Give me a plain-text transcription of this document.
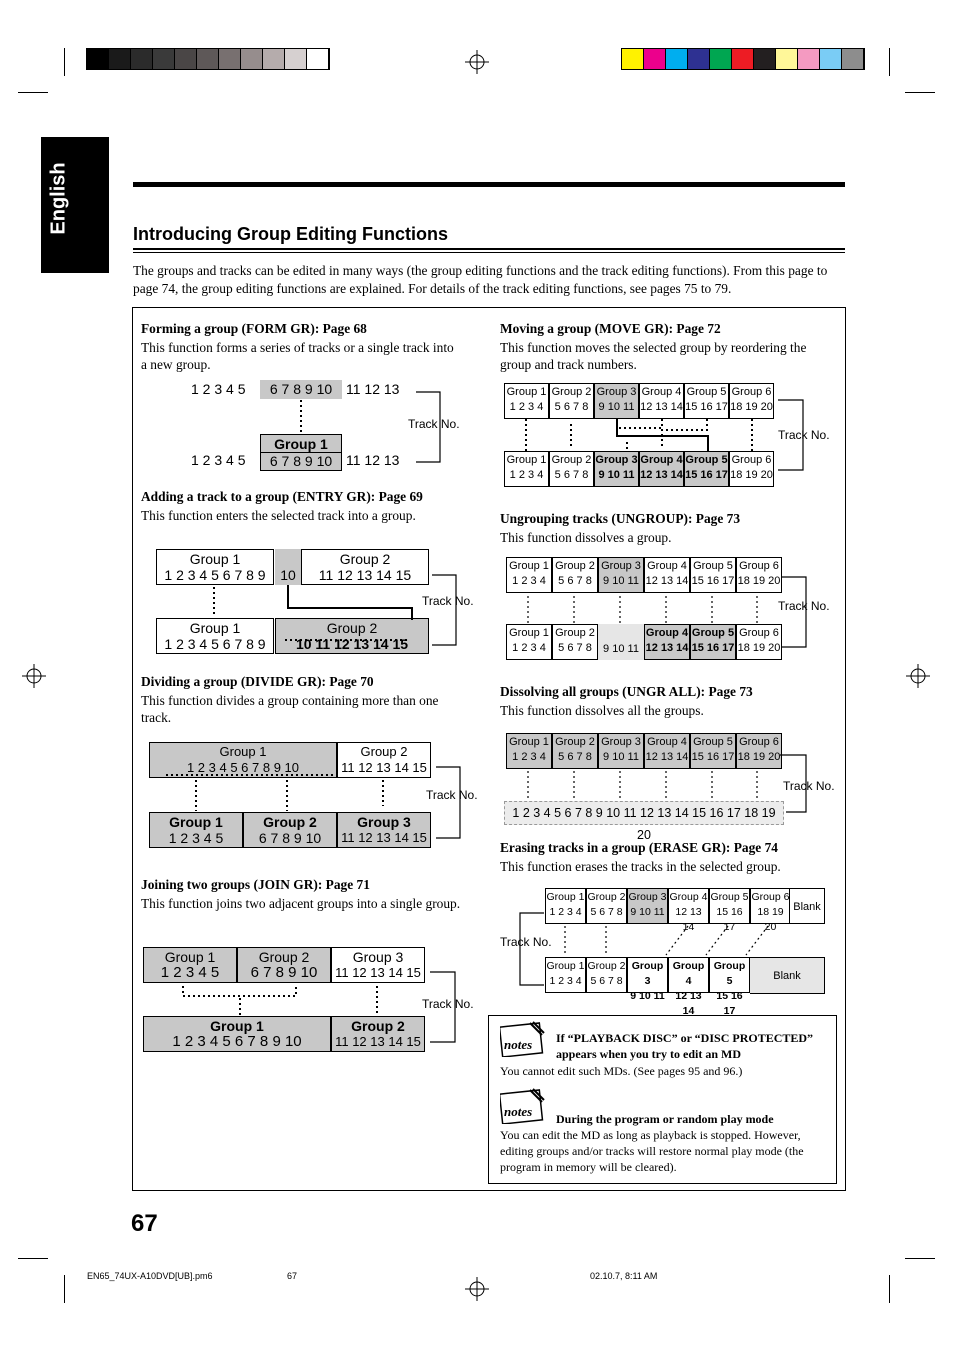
English	Introducing Group Editing Functions
The groups and tracks can be edited in many ways (the group editing functions and the track editing functions). From this page to page 74, the group editing functions are explained. For details of the track editing functions, see pages 75 to 79.
Forming a group (FORM GR): Page 68
This function forms a series of tracks or a single track into a new group.
1 2 3 4 5	6 7 8 9 10 11 12 13
Track No.
Group 1
1 2 3 4 5	6 7 8 9 10 11 12 13
Adding a track to a group (ENTRY GR): Page 69
This function enters the selected track into a group.
Group 1
1 2 3 4 5 6 7 8 9	10
Group 2
11 12 13 14 15
Track No.
Group 1
1 2 3 4 5 6 7 8 9
Group 2
10 11 12 13 14 15
Dividing a group (DIVIDE GR): Page 70
This function divides a group containing more than one track.
Group 1
1 2 3 4 5 6 7 8 9 10
Group 2
11 12 13 14 15
Track No.
Group 1
1 2 3 4 5
Group 2
6 7 8 9 10
Group 3
11 12 13 14 15
Joining two groups (JOIN GR): Page 71
This function joins two adjacent groups into a single group.
Group 1
1 2 3 4 5
Group 2
6 7 8 9 10
Group 3
11 12 13 14 15
Track No.
Group 1
1 2 3 4 5 6 7 8 9 10
Group 2
11 12 13 14 15
Moving a group (MOVE GR): Page 72
This function moves the selected group by reordering the group and track numbers.
Group 1
1 2 3 4
Group 2
5 6 7 8
Group 3
9 10 11
Group 4
12 13 14
Group 5
15 16 17
Group 6
18 19 20
Track No.
Group 1
1 2 3 4
Group 2
5 6 7 8
Group 3
9 10 11
Group 4
12 13 14
Group 5
15 16 17
Group 6
18 19 20
Ungrouping tracks (UNGROUP): Page 73
This function dissolves a group.
Group 1
1 2 3 4
Group 2
5 6 7 8
Group 3
9 10 11
Group 4
12 13 14
Group 5
15 16 17
Group 6
18 19 20
Track No.
Group 1
1 2 3 4
Group 2
5 6 7 8	9 10 11
Group 4
12 13 14
Group 5
15 16 17
Group 6
18 19 20
Dissolving all groups (UNGR ALL): Page 73
This function dissolves all the groups.
Group 1
1 2 3 4
Group 2
5 6 7 8
Group 3
9 10 11
Group 4
12 13 14
Group 5
15 16 17
Group 6
18 19 20
Track No.
1 2 3 4 5 6 7 8 9 10 11 12 13 14 15 16 17 18 19 20
Erasing tracks in a group (ERASE GR): Page 74
This function erases the tracks in the selected group.
Group 1
1 2 3 4
Group 2
5 6 7 8
Group 3
9 10 11
Group 4
12 13 14
Group 5
15 16 17
Group 6
18 19 20
Blank
Track No.
Group 1
1 2 3 4
Group 2
5 6 7 8
Group 3
9 10 11
Group 4
12 13 14
Group 5
15 16 17
Blank
notes If “PLAYBACK DISC” or “DISC PROTECTED” appears when you try to edit an MD
You cannot edit such MDs. (See pages 95 and 96.)
notes During the program or random play mode
You can edit the MD as long as playback is stopped. However, editing groups and/or tracks will restore normal play mode (the program in memory will be cleared).
67
EN65_74UX-A10DVD[UB].pm6	67	02.10.7, 8:11 AM
